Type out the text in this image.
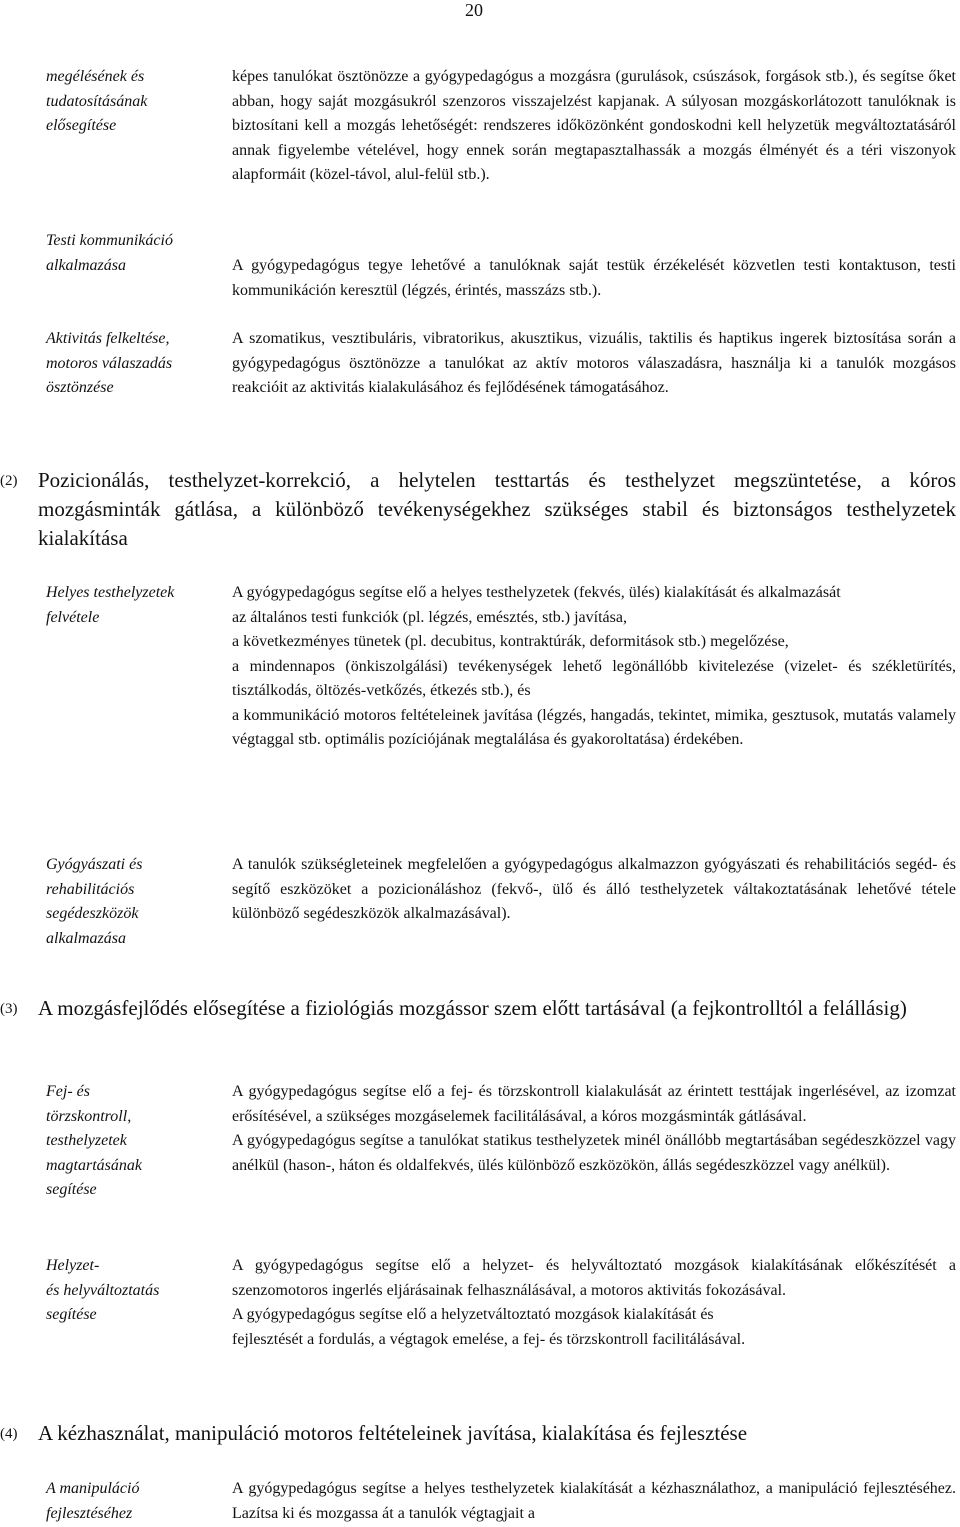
20
megélésének és
tudatosításának
elősegítése

képes tanulókat ösztönözze a gyógypedagógus a mozgásra (gurulások, csúszások, forgások stb.), és segítse őket abban, hogy saját mozgásukról szenzoros visszajelzést kapjanak. A súlyosan mozgáskorlátozott tanulóknak is biztosítani kell a mozgás lehetőségét: rendszeres időközönként gondoskodni kell helyzetük megváltoztatásáról annak figyelembe vételével, hogy ennek során megtapasztalhassák a mozgás élményét és a téri viszonyok alapformáit (közel-távol, alul-felül stb.).

Testi kommunikáció
alkalmazása	A gyógypedagógus tegye lehetővé a tanulóknak saját testük érzékelését közvetlen testi kontaktuson, testi kommunikáción keresztül (légzés, érintés, masszázs stb.).

Aktivitás felkeltése,
motoros válaszadás
ösztönzése

A szomatikus, vesztibuláris, vibratorikus, akusztikus, vizuális, taktilis és haptikus ingerek biztosítása során a gyógypedagógus ösztönözze a tanulókat az aktív motoros válaszadásra, használja ki a tanulók mozgásos reakcióit az aktivitás kialakulásához és fejlődésének támogatásához.

(2) Pozicionálás, testhelyzet-korrekció, a helytelen testtartás és testhelyzet megszüntetése, a kóros mozgásminták gátlása, a különböző tevékenységekhez szükséges stabil és biztonságos testhelyzetek kialakítása
Helyes testhelyzetek
felvétele

A gyógypedagógus segítse elő a helyes testhelyzetek (fekvés, ülés) kialakítását és alkalmazását

az általános testi funkciók (pl. légzés, emésztés, stb.) javítása,

a következményes tünetek (pl. decubitus, kontraktúrák, deformitások stb.) megelőzése,

a mindennapos (önkiszolgálási) tevékenységek lehető legönállóbb kivitelezése (vizelet- és székletürítés, tisztálkodás, öltözés-vetkőzés, étkezés stb.), és

a kommunikáció motoros feltételeinek javítása (légzés, hangadás, tekintet, mimika, gesztusok, mutatás valamely végtaggal stb. optimális pozíciójának megtalálása és gyakoroltatása) érdekében.

Gyógyászati és
rehabilitációs
segédeszközök
alkalmazása

A tanulók szükségleteinek megfelelően a gyógypedagógus alkalmazzon gyógyászati és rehabilitációs segéd- és segítő eszközöket a pozicionáláshoz (fekvő-, ülő és álló testhelyzetek váltakoztatásának lehetővé tétele különböző segédeszközök alkalmazásával).

(3) A mozgásfejlődés elősegítése a fiziológiás mozgássor szem előtt tartásával (a fejkontrolltól a felállásig)
Fej- és
törzskontroll,
testhelyzetek
magtartásának
segítése

A gyógypedagógus segítse elő a fej- és törzskontroll kialakulását az érintett testtájak ingerlésével, az izomzat erősítésével, a szükséges mozgáselemek facilitálásával, a kóros mozgásminták gátlásával.

A gyógypedagógus segítse a tanulókat statikus testhelyzetek minél önállóbb megtartásában segédeszközzel vagy anélkül (hason-, háton és oldalfekvés, ülés különböző eszközökön, állás segédeszközzel vagy anélkül).

Helyzet-
és helyváltoztatás
segítése

A gyógypedagógus segítse elő a helyzet- és helyváltoztató mozgások kialakításának előkészítését a szenzomotoros ingerlés eljárásainak felhasználásával, a motoros aktivitás fokozásával.

A gyógypedagógus segítse elő a helyzetváltoztató mozgások kialakítását és

fejlesztését a fordulás, a végtagok emelése, a fej- és törzskontroll facilitálásával.

(4) A kézhasználat, manipuláció motoros feltételeinek javítása, kialakítása és fejlesztése
A manipuláció
fejlesztéséhez

A gyógypedagógus segítse a helyes testhelyzetek kialakítását a kézhasználathoz, a manipuláció fejlesztéséhez. Lazítsa ki és mozgassa át a tanulók végtagjait a
